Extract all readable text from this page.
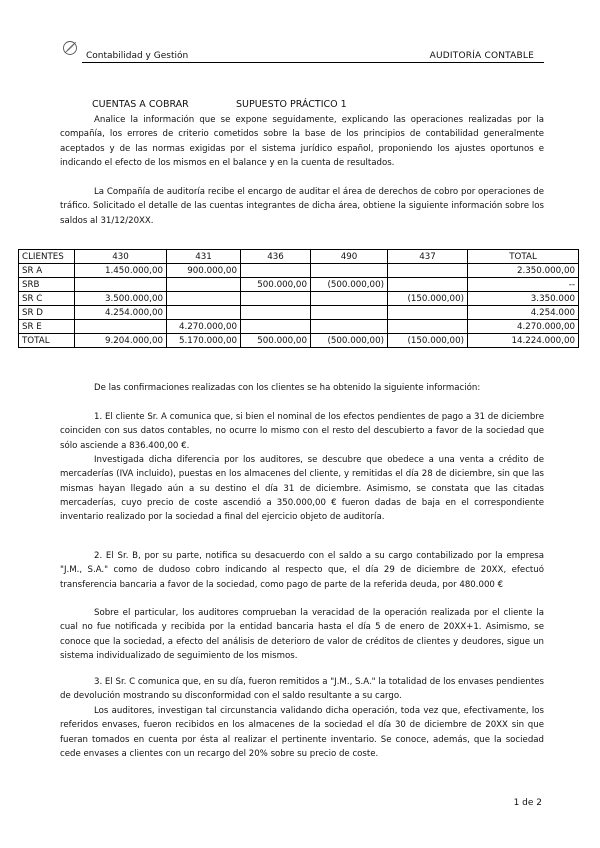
Contabilidad y Gestión	AUDITORÍA CONTABLE
CUENTAS A COBRAR	SUPUESTO PRÁCTICO 1

Analice la información que se expone seguidamente, explicando las operaciones realizadas por la compañía, los errores de criterio cometidos sobre la base de los principios de contabilidad generalmente aceptados y de las normas exigidas por el sistema jurídico español, proponiendo los ajustes oportunos e indicando el efecto de los mismos en el balance y en la cuenta de resultados.

La Compañía de auditoría recibe el encargo de auditar el área de derechos de cobro por operaciones de tráfico. Solicitado el detalle de las cuentas integrantes de dicha área, obtiene la siguiente información sobre los saldos al 31/12/20XX.

CLIENTES	430	431	436	490	437	TOTAL
SR A	1.450.000,00	900.000,00				2.350.000,00
SRB			500.000,00	(500.000,00)		--
SR C	3.500.000,00				(150.000,00)	3.350.000
SR D	4.254.000,00					4.254.000
SR E		4.270.000,00				4.270.000,00
TOTAL	9.204.000,00	5.170.000,00	500.000,00	(500.000,00)	(150.000,00)	14.224.000,00

De las confirmaciones realizadas con los clientes se ha obtenido la siguiente información:

1. El cliente Sr. A comunica que, si bien el nominal de los efectos pendientes de pago a 31 de diciembre coinciden con sus datos contables, no ocurre lo mismo con el resto del descubierto a favor de la sociedad que sólo asciende a 836.400,00 €.

Investigada dicha diferencia por los auditores, se descubre que obedece a una venta a crédito de mercaderías (IVA incluido), puestas en los almacenes del cliente, y remitidas el día 28 de diciembre, sin que las mismas hayan llegado aún a su destino el día 31 de diciembre. Asimismo, se constata que las citadas mercaderías, cuyo precio de coste ascendió a 350.000,00 € fueron dadas de baja en el correspondiente inventario realizado por la sociedad a final del ejercicio objeto de auditoría.

2. El Sr. B, por su parte, notifica su desacuerdo con el saldo a su cargo contabilizado por la empresa "J.M., S.A." como de dudoso cobro indicando al respecto que, el día 29 de diciembre de 20XX, efectuó transferencia bancaria a favor de la sociedad, como pago de parte de la referida deuda, por 480.000 €

Sobre el particular, los auditores comprueban la veracidad de la operación realizada por el cliente la cual no fue notificada y recibida por la entidad bancaria hasta el día 5 de enero de 20XX+1. Asimismo, se conoce que la sociedad, a efecto del análisis de deterioro de valor de créditos de clientes y deudores, sigue un sistema individualizado de seguimiento de los mismos.

3. El Sr. C comunica que, en su día, fueron remitidos a "J.M., S.A." la totalidad de los envases pendientes de devolución mostrando su disconformidad con el saldo resultante a su cargo.

Los auditores, investigan tal circunstancia validando dicha operación, toda vez que, efectivamente, los referidos envases, fueron recibidos en los almacenes de la sociedad el día 30 de diciembre de 20XX sin que fueran tomados en cuenta por ésta al realizar el pertinente inventario. Se conoce, además, que la sociedad cede envases a clientes con un recargo del 20% sobre su precio de coste.

1 de 2
